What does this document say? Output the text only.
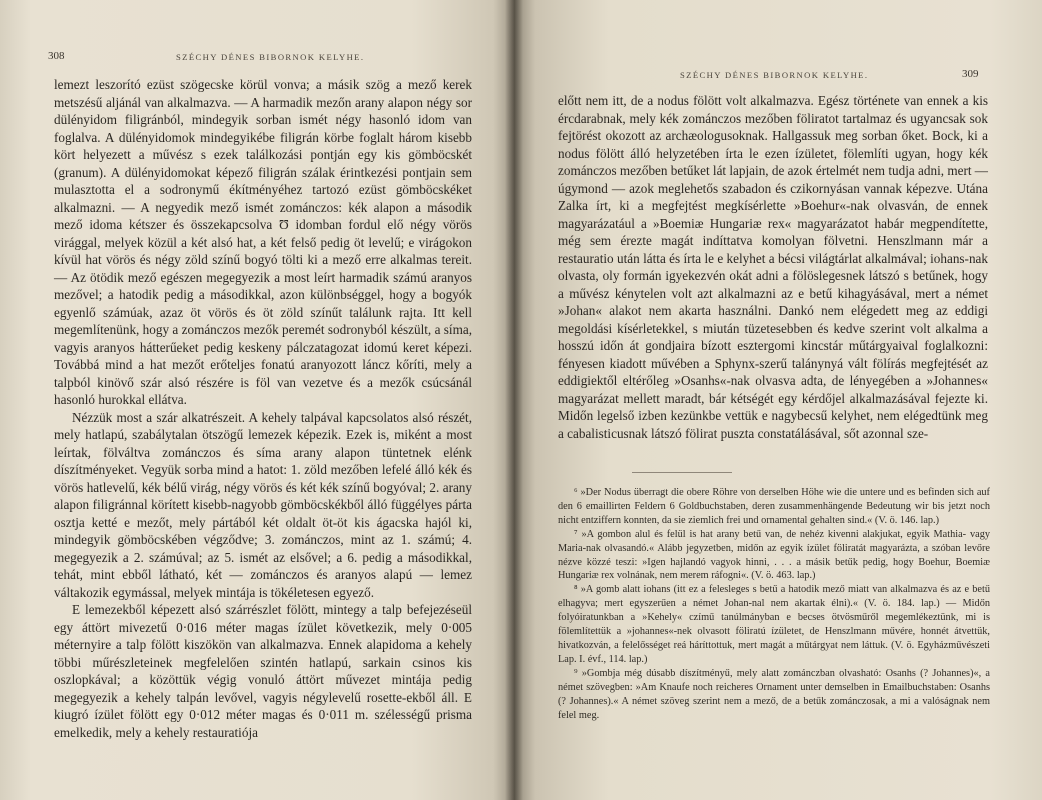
308	SZÉCHY DÉNES BIBORNOK KELYHE.

lemezt leszorító ezüst szögecske körül vonva; a másik szög a mező kerek metszésű aljánál van alkalmazva. — A harmadik mezőn arany alapon négy sor dülényidom filigránból, mindegyik sorban ismét négy hasonló idom van foglalva. A dülényidomok mindegyikébe filigrán körbe foglalt három kisebb kört helyezett a művész s ezek találkozási pontján egy kis gömböcskét (granum). A dülényidomokat képező filigrán szálak érintkezési pontjain sem mulasztotta el a sodronymű ékítményéhez tartozó ezüst gömböcskéket alkalmazni. — A negyedik mező ismét zománczos: kék alapon a második mező idoma kétszer és összekapcsolva Ʊ idomban fordul elő négy vörös virággal, melyek közül a két alsó hat, a két felső pedig öt levelű; e virágokon kívül hat vörös és négy zöld színű bogyó tölti ki a mező erre alkalmas tereit. — Az ötödik mező egészen megegyezik a most leírt harmadik számú aranyos mezővel; a hatodik pedig a másodikkal, azon különbséggel, hogy a bogyók egyenlő számúak, azaz öt vörös és öt zöld színűt találunk rajta. Itt kell megemlítenünk, hogy a zománczos mezők peremét sodronyból készült, a síma, vagyis aranyos hátterűeket pedig keskeny pálczatagozat idomú keret képezi. Továbbá mind a hat mezőt erőteljes fonatú aranyozott láncz kőríti, mely a talpból kinövő szár alsó részére is föl van vezetve és a mezők csúcsánál hasonló hurokkal ellátva.

Nézzük most a szár alkatrészeit. A kehely talpával kapcsolatos alsó részét, mely hatlapú, szabálytalan ötszögű lemezek képezik. Ezek is, miként a most leírtak, fölváltva zománczos és síma arany alapon tüntetnek elénk díszítményeket. Vegyük sorba mind a hatot: 1. zöld mezőben lefelé álló kék és vörös hatlevelű, kék bélű virág, négy vörös és két kék színű bogyóval; 2. arany alapon filigránnal körített kisebb-nagyobb gömböcskékből álló függélyes párta osztja ketté e mezőt, mely pártából két oldalt öt-öt kis ágacska hajól ki, mindegyik gömböcskében végződve; 3. zománczos, mint az 1. számú; 4. megegyezik a 2. számúval; az 5. ismét az elsővel; a 6. pedig a másodikkal, tehát, mint ebből látható, két — zománczos és aranyos alapú — lemez váltakozik egymással, melyek mintája is tökéletesen egyező.

E lemezekből képezett alsó szárrészlet fölött, mintegy a talp befejezéseül egy áttört mivezetű 0·016 méter magas ízület következik, mely 0·005 méternyire a talp fölött kiszökön van alkalmazva. Ennek alapidoma a kehely többi műrészleteinek megfelelően szintén hatlapú, sarkain csinos kis oszlopkával; a közöttük végig vonuló áttört művezet mintája pedig megegyezik a kehely talpán levővel, vagyis négylevelű rosette-ekből áll. E kiugró ízület fölött egy 0·012 méter magas és 0·011 m. szélességű prisma emelkedik, mely a kehely restauratiója

SZÉCHY DÉNES BIBORNOK KELYHE.	309

előtt nem itt, de a nodus fölött volt alkalmazva. Egész története van ennek a kis ércdarabnak, mely kék zománczos mezőben föliratot tartalmaz és ugyancsak sok fejtörést okozott az archæologusoknak. Hallgassuk meg sorban őket. Bock, ki a nodus fölött álló helyzetében írta le ezen ízületet, fölemlíti ugyan, hogy kék zománczos mezőben betűket lát lapjain, de azok értelmét nem tudja adni, mert — úgymond — azok meglehetős szabadon és czikornyásan vannak képezve. Utána Zalka írt, ki a megfejtést megkísérlette »Boehur«-nak olvasván, de ennek magyarázatául a »Boemiæ Hungariæ rex« magyarázatot habár megpendítette, még sem érezte magát indíttatva komolyan fölvetni. Henszlmann már a restauratio után látta és írta le e kelyhet a bécsi világtárlat alkalmával; iohans-nak olvasta, oly formán igyekezvén okát adni a fölöslegesnek látszó s betűnek, hogy a művész kénytelen volt azt alkalmazni az e betű kihagyásával, mert a német »Johan« alakot nem akarta használni. Dankó nem elégedett meg az eddigi megoldási kísérletekkel, s miután tüzetesebben és kedve szerint volt alkalma a hosszú időn át gondjaira bízott esztergomi kincstár műtárgyaival foglalkozni: fényesen kiadott művében a Sphynx-szerű talánynyá vált fölírás megfejtését az eddigiektől eltérőleg »Osanhs«-nak olvasva adta, de lényegében a »Johannes« magyarázat mellett maradt, bár kétségét egy kérdőjel alkalmazásával fejezte ki. Midőn legelső izben kezünkbe vettük e nagybecsű kelyhet, nem elégedtünk meg a cabalisticusnak látszó fölirat puszta constatálásával, sőt azonnal sze-

⁶ »Der Nodus überragt die obere Röhre von derselben Höhe wie die untere und es befinden sich auf den 6 emaillirten Feldern 6 Goldbuchstaben, deren zusammenhängende Bedeutung wir bis jetzt noch nicht entziffern konnten, da sie ziemlich frei und ornamental gehalten sind.« (V. ö. 146. lap.)

⁷ »A gombon alul és felül is hat arany betű van, de nehéz kivenni alakjukat, egyik Mathia- vagy Maria-nak olvasandó.« Alább jegyzetben, midőn az egyik ízület föliratát magyarázta, a szóban levőre nézve közzé teszi: »Igen hajlandó vagyok hinni, . . . a másik betűk pedig, hogy Boehur, Boemiæ Hungariæ rex volnának, nem merem ráfogni«. (V. ö. 463. lap.)

⁸ »A gomb alatt iohans (itt ez a felesleges s betű a hatodik mező miatt van alkalmazva és az e betű elhagyva; mert egyszerűen a német Johan-nal nem akartak élni).« (V. ö. 184. lap.) — Midőn folyóiratunkban a »Kehely« czímű tanúlmányban e becses ötvösműről megemlékeztünk, mi is fölemlítettük a »johannes«-nek olvasott föliratú ízületet, de Henszlmann művére, honnét átvettük, hivatkozván, a felelősséget reá háríttottuk, mert magát a műtárgyat nem láttuk. (V. ö. Egyházművészeti Lap. I. évf., 114. lap.)

⁹ »Gombja még dúsabb díszítményű, mely alatt zománczban olvasható: Osanhs (? Johannes)«, a német szövegben: »Am Knaufe noch reicheres Ornament unter demselben in Emailbuchstaben: Osanhs (? Johannes).« A német szöveg szerint nem a mező, de a betűk zománczosak, a mi a valóságnak nem felel meg.
